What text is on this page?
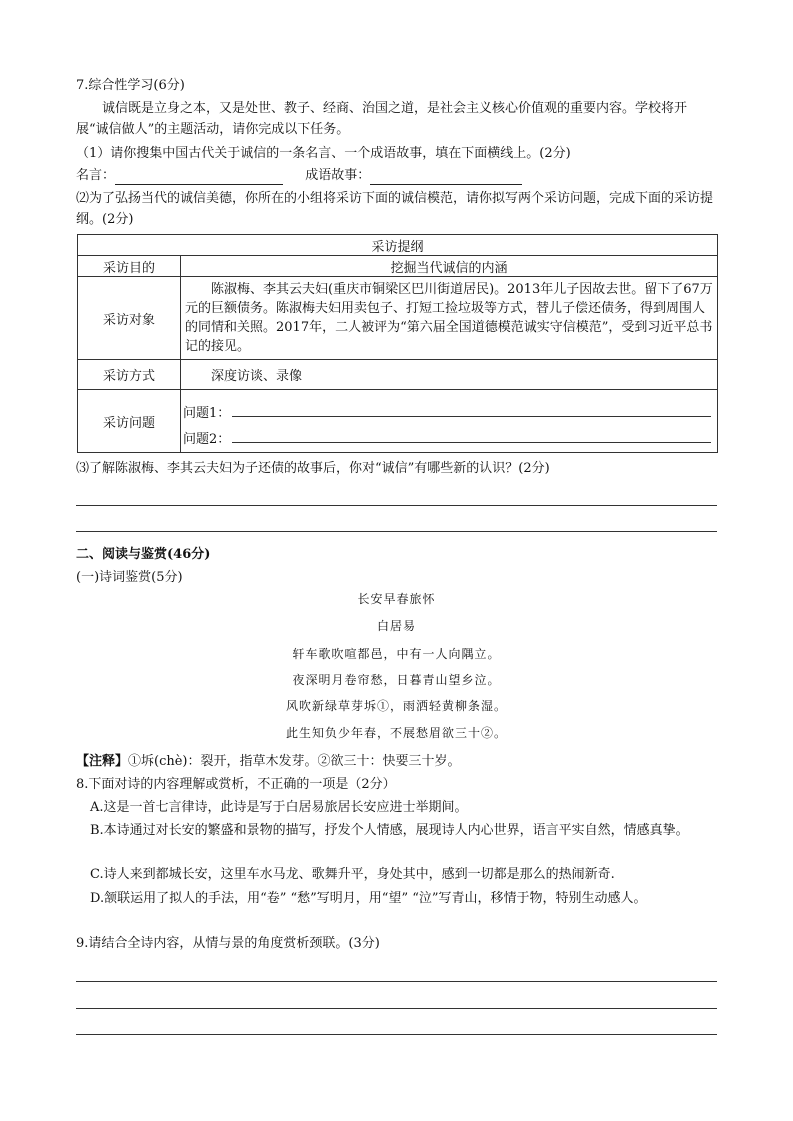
7.综合性学习(6分)
诚信既是立身之本，又是处世、教子、经商、治国之道，是社会主义核心价值观的重要内容。学校将开展“诚信做人”的主题活动，请你完成以下任务。
（1）请你搜集中国古代关于诚信的一条名言、一个成语故事，填在下面横线上。(2分)
名言：	成语故事：
⑵为了弘扬当代的诚信美德，你所在的小组将采访下面的诚信模范，请你拟写两个采访问题，完成下面的采访提纲。(2分)
采访提纲	
采访目的	挖掘当代诚信的内涵
采访对象	陈淑梅、李其云夫妇(重庆市铜梁区巴川街道居民)。2013年儿子因故去世。留下了67万元的巨额债务。陈淑梅夫妇用卖包子、打短工捡垃圾等方式，替儿子偿还债务，得到周围人的同情和关照。2017年，二人被评为“第六届全国道德模范诚实守信模范”，受到习近平总书记的接见。
采访方式	深度访谈、录像
采访问题	问题1：
问题2：
⑶了解陈淑梅、李其云夫妇为子还债的故事后，你对“诚信”有哪些新的认识？(2分)
二、阅读与鉴赏(46分)
(一)诗词鉴赏(5分)
长安早春旅怀
白居易
轩车歌吹喧都邑，中有一人向隅立。
夜深明月卷帘愁，日暮青山望乡泣。
风吹新绿草芽坼①，雨洒轻黄柳条湿。
此生知负少年春，不展愁眉欲三十②。
【注释】①坼(chè)：裂开，指草木发芽。②欲三十：快要三十岁。
8.下面对诗的内容理解或赏析，不正确的一项是（2分）
A.这是一首七言律诗，此诗是写于白居易旅居长安应进士举期间。
B.本诗通过对长安的繁盛和景物的描写，抒发个人情感，展现诗人内心世界，语言平实自然，情感真挚。
C.诗人来到都城长安，这里车水马龙、歌舞升平，身处其中，感到一切都是那么的热闹新奇.
D.颔联运用了拟人的手法，用“卷” “愁”写明月，用“望” “泣”写青山，移情于物，特别生动感人。
9.请结合全诗内容，从情与景的角度赏析颈联。(3分)
